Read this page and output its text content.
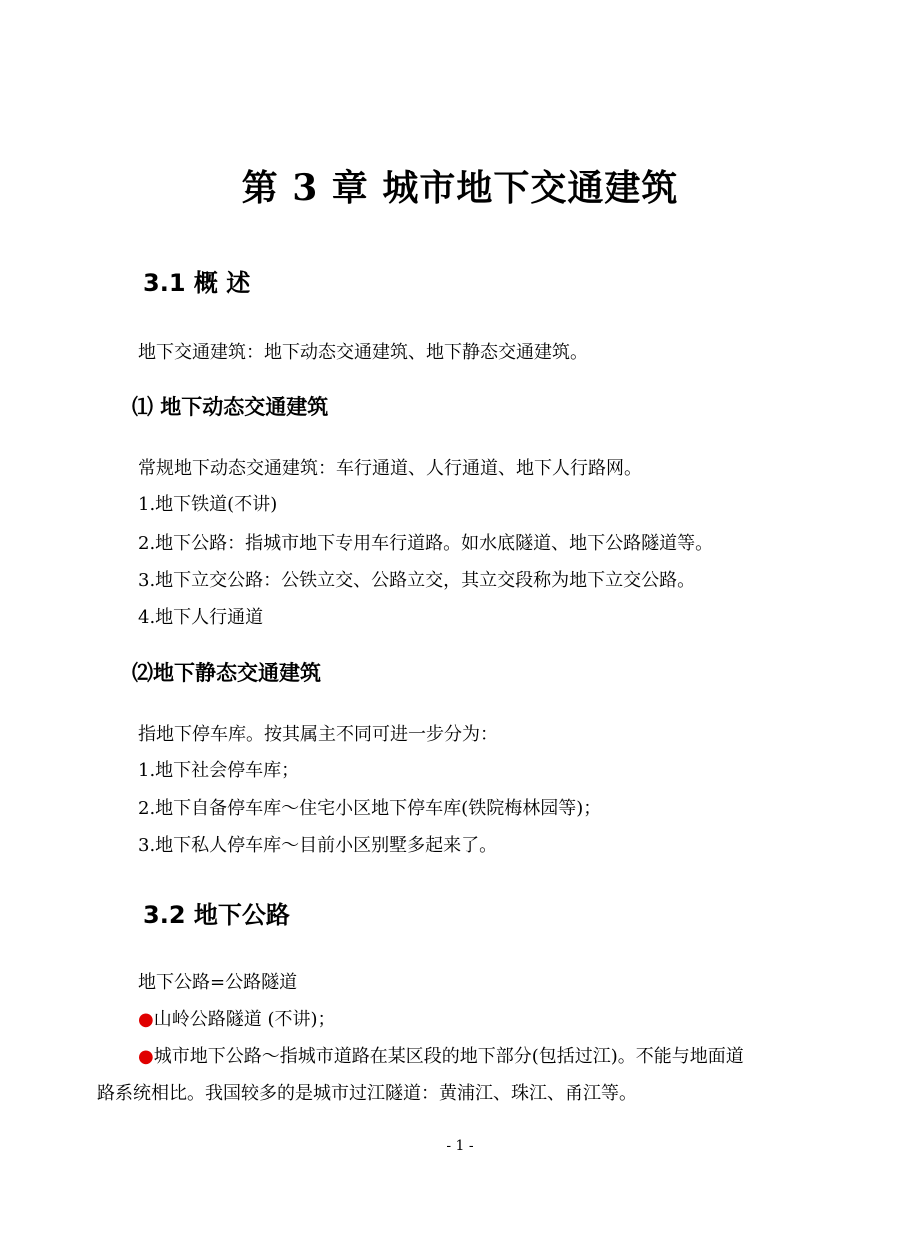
第 3 章 城市地下交通建筑
3.1 概 述
地下交通建筑：地下动态交通建筑、地下静态交通建筑。
⑴ 地下动态交通建筑
常规地下动态交通建筑：车行通道、人行通道、地下人行路网。
1.地下铁道(不讲)
2.地下公路：指城市地下专用车行道路。如水底隧道、地下公路隧道等。
3.地下立交公路：公铁立交、公路立交，其立交段称为地下立交公路。
4.地下人行通道
⑵地下静态交通建筑
指地下停车库。按其属主不同可进一步分为：
1.地下社会停车库；
2.地下自备停车库～住宅小区地下停车库(铁院梅林园等)；
3.地下私人停车库～目前小区别墅多起来了。
3.2 地下公路
地下公路=公路隧道
●山岭公路隧道 (不讲)；
●城市地下公路～指城市道路在某区段的地下部分(包括过江)。不能与地面道
路系统相比。我国较多的是城市过江隧道：黄浦江、珠江、甬江等。
- 1 -
